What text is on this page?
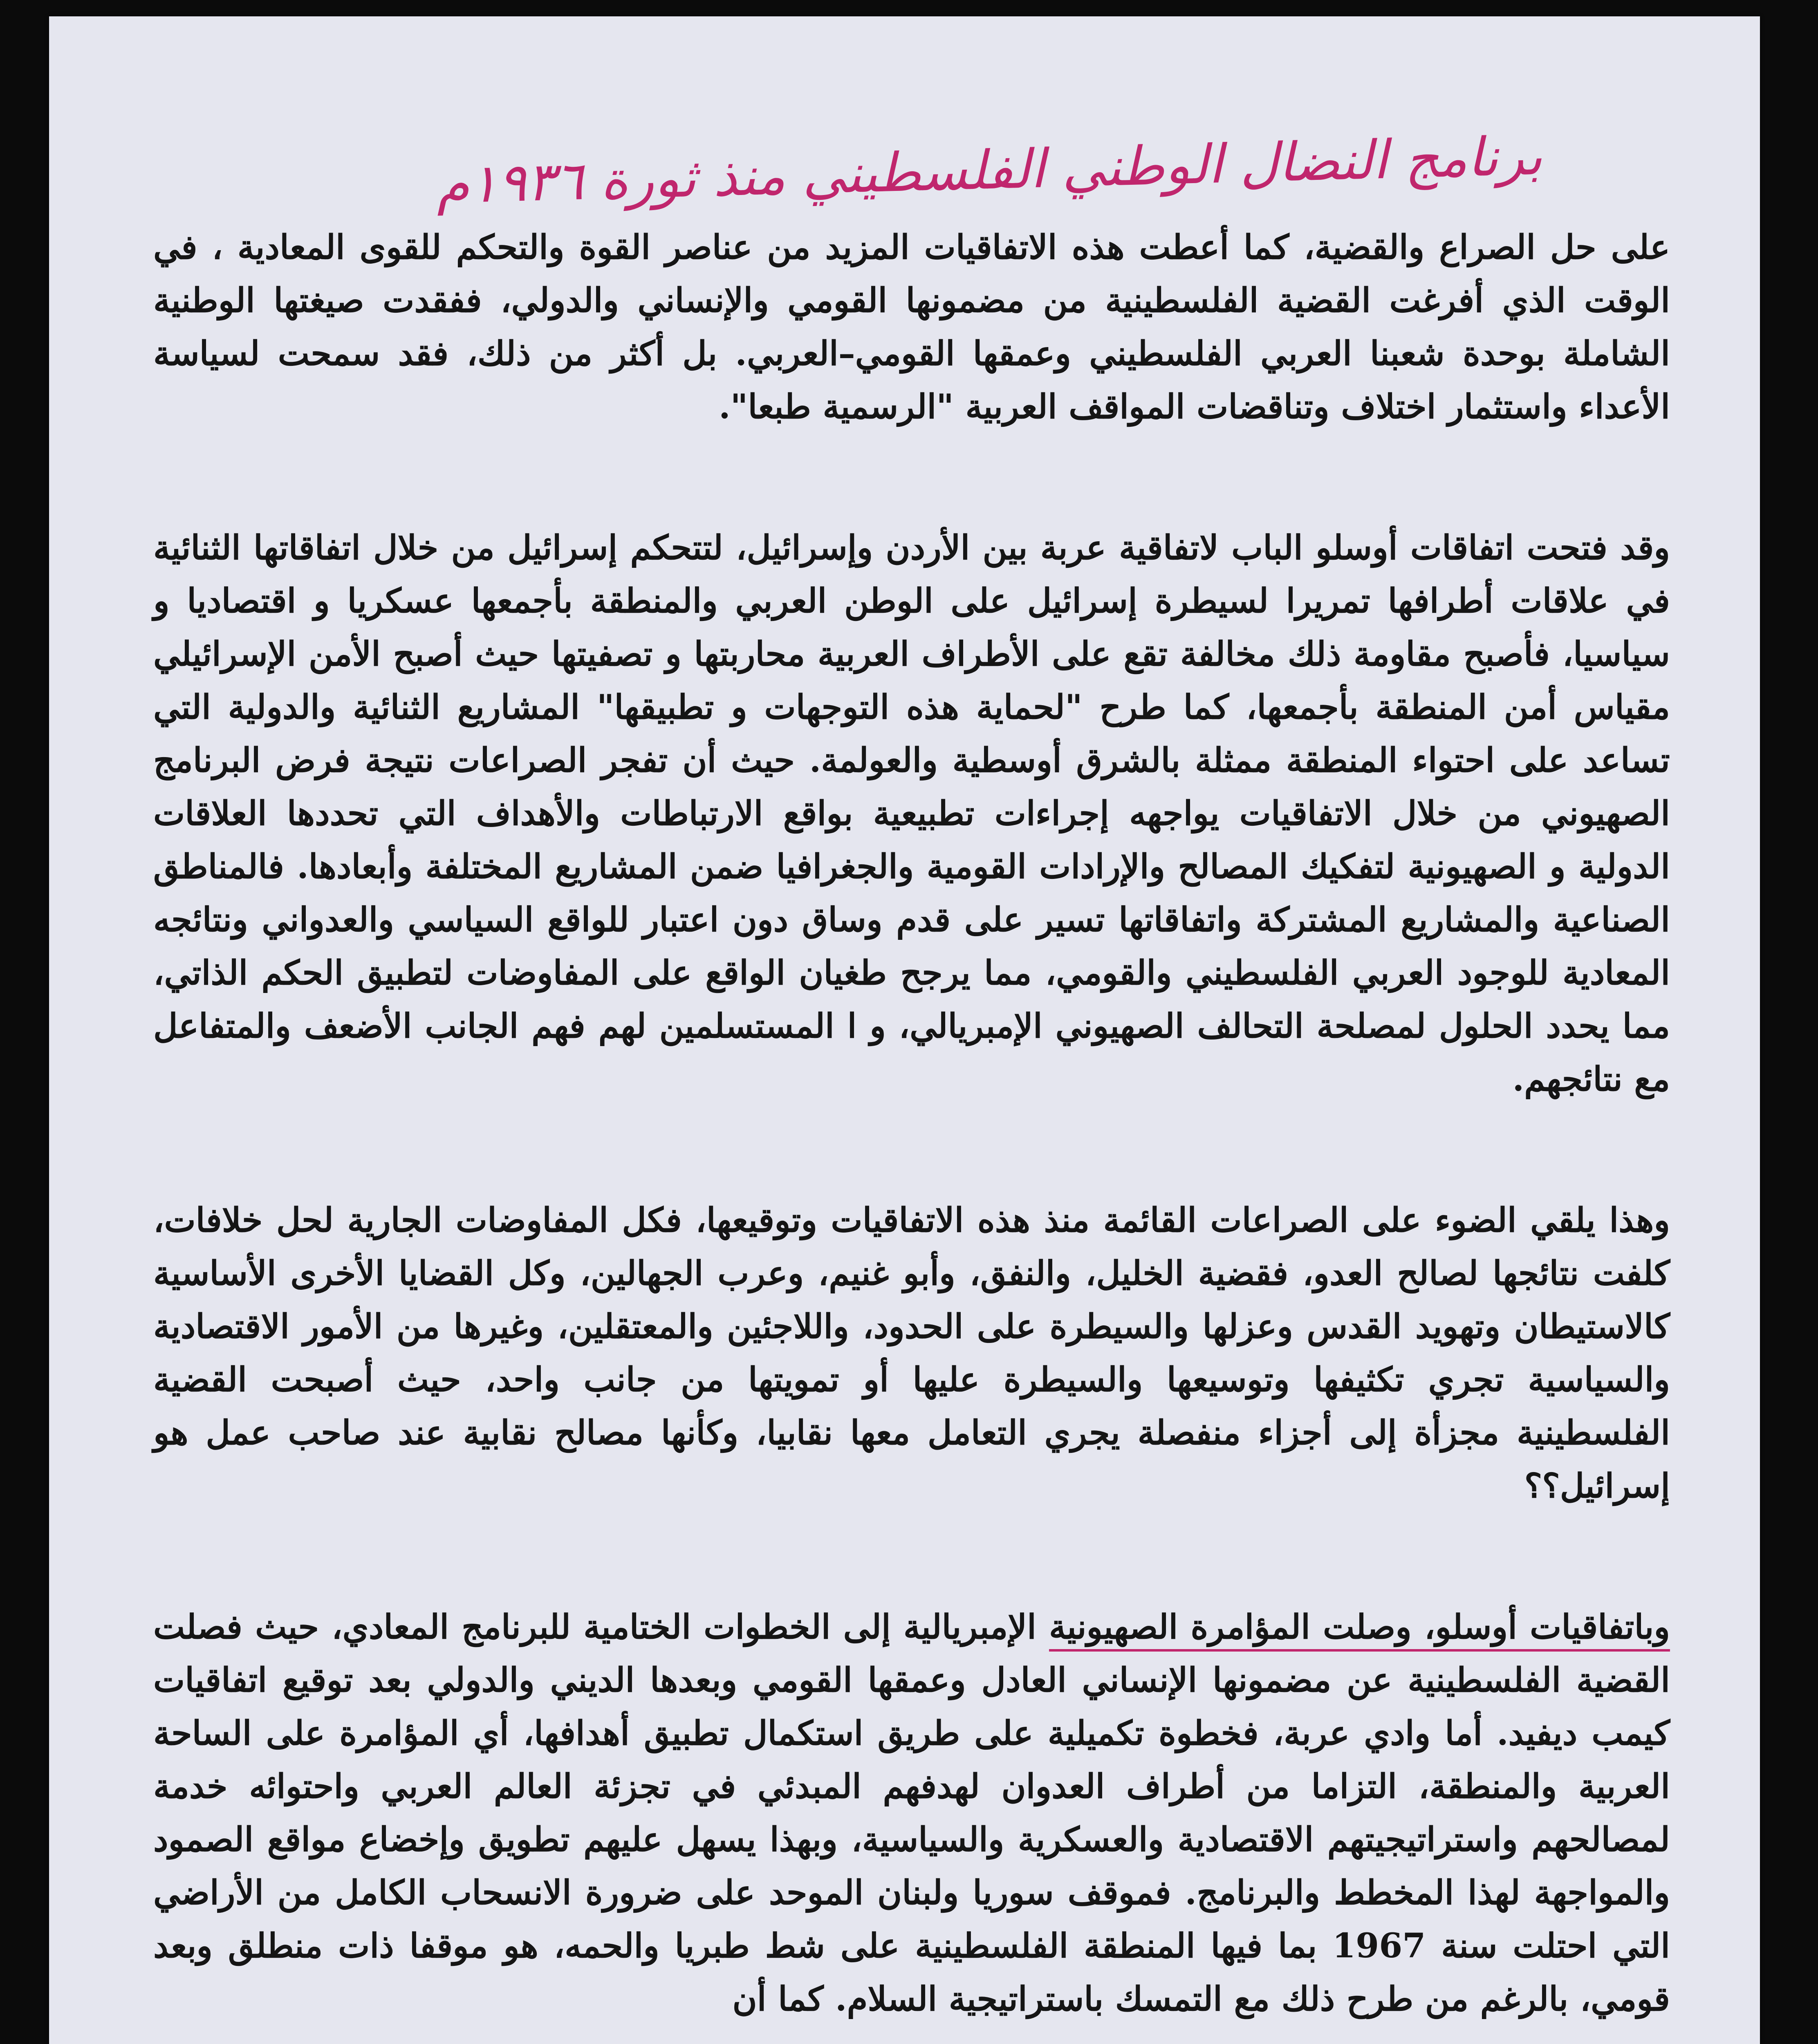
برنامج النضال الوطني الفلسطيني منذ ثورة ١٩٣٦م

على حل الصراع والقضية، كما أعطت هذه الاتفاقيات المزيد من عناصر القوة والتحكم للقوى المعادية ، في الوقت الذي أفرغت القضية الفلسطينية من مضمونها القومي والإنساني والدولي، ففقدت صيغتها الوطنية الشاملة بوحدة شعبنا العربي الفلسطيني وعمقها القومي–العربي. بل أكثر من ذلك، فقد سمحت لسياسة الأعداء واستثمار اختلاف وتناقضات المواقف العربية "الرسمية طبعا".

وقد فتحت اتفاقات أوسلو الباب لاتفاقية عربة بين الأردن وإسرائيل، لتتحكم إسرائيل من خلال اتفاقاتها الثنائية في علاقات أطرافها تمريرا لسيطرة إسرائيل على الوطن العربي والمنطقة بأجمعها عسكريا و اقتصاديا و سياسيا، فأصبح مقاومة ذلك مخالفة تقع على الأطراف العربية محاربتها و تصفيتها حيث أصبح الأمن الإسرائيلي مقياس أمن المنطقة بأجمعها، كما طرح "لحماية هذه التوجهات و تطبيقها" المشاريع الثنائية والدولية التي تساعد على احتواء المنطقة ممثلة بالشرق أوسطية والعولمة. حيث أن تفجر الصراعات نتيجة فرض البرنامج الصهيوني من خلال الاتفاقيات يواجهه إجراءات تطبيعية بواقع الارتباطات والأهداف التي تحددها العلاقات الدولية و الصهيونية لتفكيك المصالح والإرادات القومية والجغرافيا ضمن المشاريع المختلفة وأبعادها. فالمناطق الصناعية والمشاريع المشتركة واتفاقاتها تسير على قدم وساق دون اعتبار للواقع السياسي والعدواني ونتائجه المعادية للوجود العربي الفلسطيني والقومي، مما يرجح طغيان الواقع على المفاوضات لتطبيق الحكم الذاتي، مما يحدد الحلول لمصلحة التحالف الصهيوني الإمبريالي، و ا المستسلمين لهم فهم الجانب الأضعف والمتفاعل مع نتائجهم.

وهذا يلقي الضوء على الصراعات القائمة منذ هذه الاتفاقيات وتوقيعها، فكل المفاوضات الجارية لحل خلافات، كلفت نتائجها لصالح العدو، فقضية الخليل، والنفق، وأبو غنيم، وعرب الجهالين، وكل القضايا الأخرى الأساسية كالاستيطان وتهويد القدس وعزلها والسيطرة على الحدود، واللاجئين والمعتقلين، وغيرها من الأمور الاقتصادية والسياسية تجري تكثيفها وتوسيعها والسيطرة عليها أو تمويتها من جانب واحد، حيث أصبحت القضية الفلسطينية مجزأة إلى أجزاء منفصلة يجري التعامل معها نقابيا، وكأنها مصالح نقابية عند صاحب عمل هو إسرائيل؟؟

وباتفاقيات أوسلو، وصلت المؤامرة الصهيونية الإمبريالية إلى الخطوات الختامية للبرنامج المعادي، حيث فصلت القضية الفلسطينية عن مضمونها الإنساني العادل وعمقها القومي وبعدها الديني والدولي بعد توقيع اتفاقيات كيمب ديفيد. أما وادي عربة، فخطوة تكميلية على طريق استكمال تطبيق أهدافها، أي المؤامرة على الساحة العربية والمنطقة، التزاما من أطراف العدوان لهدفهم المبدئي في تجزئة العالم العربي واحتوائه خدمة لمصالحهم واستراتيجيتهم الاقتصادية والعسكرية والسياسية، وبهذا يسهل عليهم تطويق وإخضاع مواقع الصمود والمواجهة لهذا المخطط والبرنامج. فموقف سوريا ولبنان الموحد على ضرورة الانسحاب الكامل من الأراضي التي احتلت سنة 1967 بما فيها المنطقة الفلسطينية على شط طبريا والحمه، هو موقفا ذات منطلق وبعد قومي، بالرغم من طرح ذلك مع التمسك باستراتيجية السلام. كما أن
